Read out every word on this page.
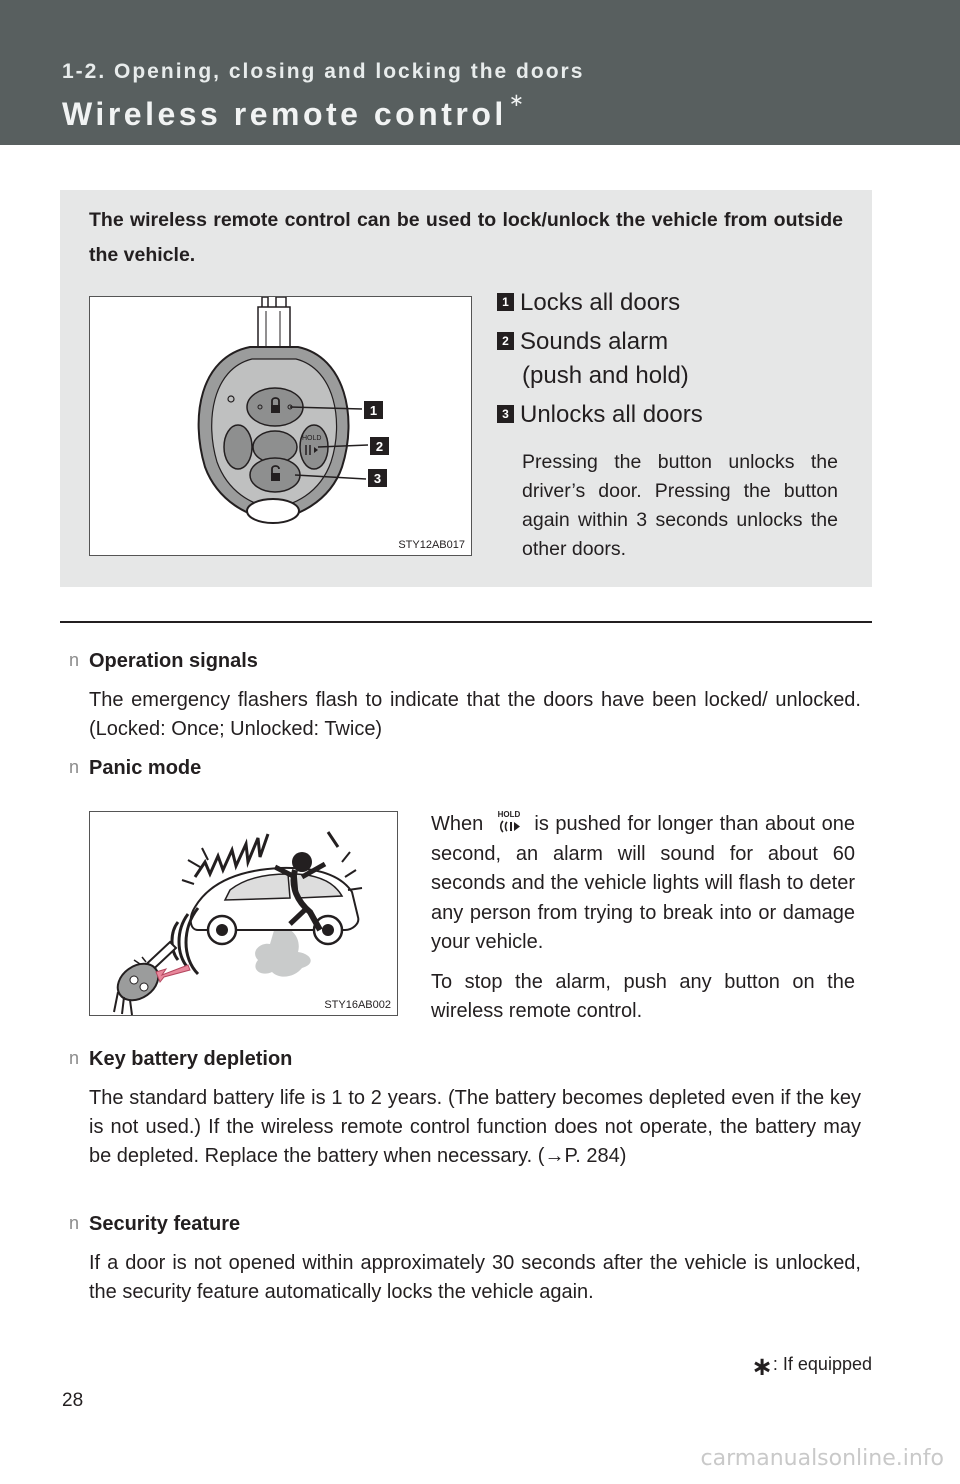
1-2. Opening, closing and locking the doors
Wireless remote control ∗
The wireless remote control can be used to lock/unlock the vehicle from outside the vehicle.
HOLD
1
2
3
STY12AB017
1 Locks all doors
2 Sounds alarm
(push and hold)
3 Unlocks all doors
Pressing the button unlocks the driver’s door. Pressing the button again within 3 seconds unlocks the other doors.
n Operation signals
The emergency flashers flash to indicate that the doors have been locked/ unlocked. (Locked: Once; Unlocked: Twice)
n Panic mode
STY16AB002

When HOLD is pushed for longer than about one second, an alarm will sound for about 60 seconds and the vehicle lights will flash to deter any person from trying to break into or damage your vehicle.

To stop the alarm, push any button on the wireless remote control.

n Key battery depletion
The standard battery life is 1 to 2 years. (The battery becomes depleted even if the key is not used.) If the wireless remote control function does not operate, the battery may be depleted. Replace the battery when necessary. (→P. 284)
n Security feature
If a door is not opened within approximately 30 seconds after the vehicle is unlocked, the security feature automatically locks the vehicle again.
∗: If equipped
28
carmanualsonline.info
